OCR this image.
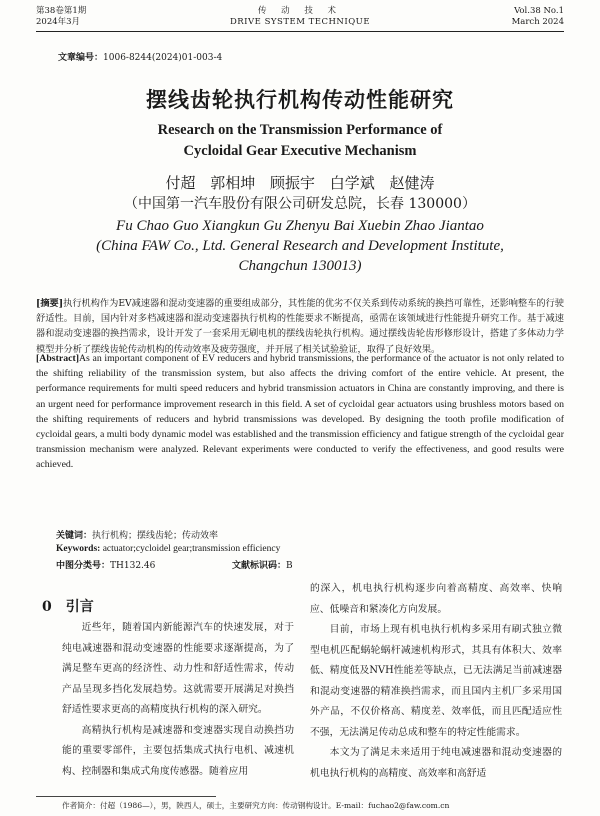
第38卷第1期
2024年3月
传 动 技 术
DRIVE SYSTEM TECHNIQUE
Vol.38 No.1
March 2024
文章编号：1006-8244(2024)01-003-4
摆线齿轮执行机构传动性能研究
Research on the Transmission Performance of
Cycloidal Gear Executive Mechanism
付超 郭相坤 顾振宇 白学斌 赵健涛
（中国第一汽车股份有限公司研发总院，长春 130000）
Fu Chao Guo Xiangkun Gu Zhenyu Bai Xuebin Zhao Jiantao
(China FAW Co., Ltd. General Research and Development Institute,
Changchun 130013)
[摘要]执行机构作为EV减速器和混动变速器的重要组成部分，其性能的优劣不仅关系到传动系统的换挡可靠性，还影响整车的行驶舒适性。目前，国内针对多档减速器和混动变速器执行机构的性能要求不断提高，亟需在该领域进行性能提升研究工作。基于减速器和混动变速器的换挡需求，设计开发了一套采用无刷电机的摆线齿轮执行机构。通过摆线齿轮齿形修形设计，搭建了多体动力学模型并分析了摆线齿轮传动机构的传动效率及疲劳强度，并开展了相关试验验证，取得了良好效果。
[Abstract]As an important component of EV reducers and hybrid transmissions, the performance of the actuator is not only related to the shifting reliability of the transmission system, but also affects the driving comfort of the entire vehicle. At present, the performance requirements for multi speed reducers and hybrid transmission actuators in China are constantly improving, and there is an urgent need for performance improvement research in this field. A set of cycloidal gear actuators using brushless motors based on the shifting requirements of reducers and hybrid transmissions was developed. By designing the tooth profile modification of cycloidal gears, a multi body dynamic model was established and the transmission efficiency and fatigue strength of the cycloidal gear transmission mechanism were analyzed. Relevant experiments were conducted to verify the effectiveness, and good results were achieved.
关键词：执行机构；摆线齿轮；传动效率
Keywords: actuator;cycloidel gear;transmission efficiency
中图分类号：TH132.46	文献标识码：B
0 引言

近些年，随着国内新能源汽车的快速发展，对于纯电减速器和混动变速器的性能要求逐渐提高，为了满足整车更高的经济性、动力性和舒适性需求，传动产品呈现多挡化发展趋势。这就需要开展满足对换挡舒适性要求更高的高精度执行机构的深入研究。

高精执行机构是减速器和变速器实现自动换挡功能的重要零部件，主要包括集成式执行电机、减速机构、控制器和集成式角度传感器。随着应用

的深入，机电执行机构逐步向着高精度、高效率、快响应、低噪音和紧凑化方向发展。

目前，市场上现有机电执行机构多采用有刷式独立微型电机匹配蜗轮蜗杆减速机构形式，其具有体积大、效率低、精度低及NVH性能差等缺点，已无法满足当前减速器和混动变速器的精准换挡需求，而且国内主机厂多采用国外产品，不仅价格高、精度差、效率低，而且匹配适应性不强，无法满足传动总成和整车的特定性能需求。

本文为了满足未来适用于纯电减速器和混动变速器的机电执行机构的高精度、高效率和高舒适

作者简介：付超（1986—），男，陕西人，硕士，主要研究方向：传动钢构设计。E-mail：fuchao2@faw.com.cn
